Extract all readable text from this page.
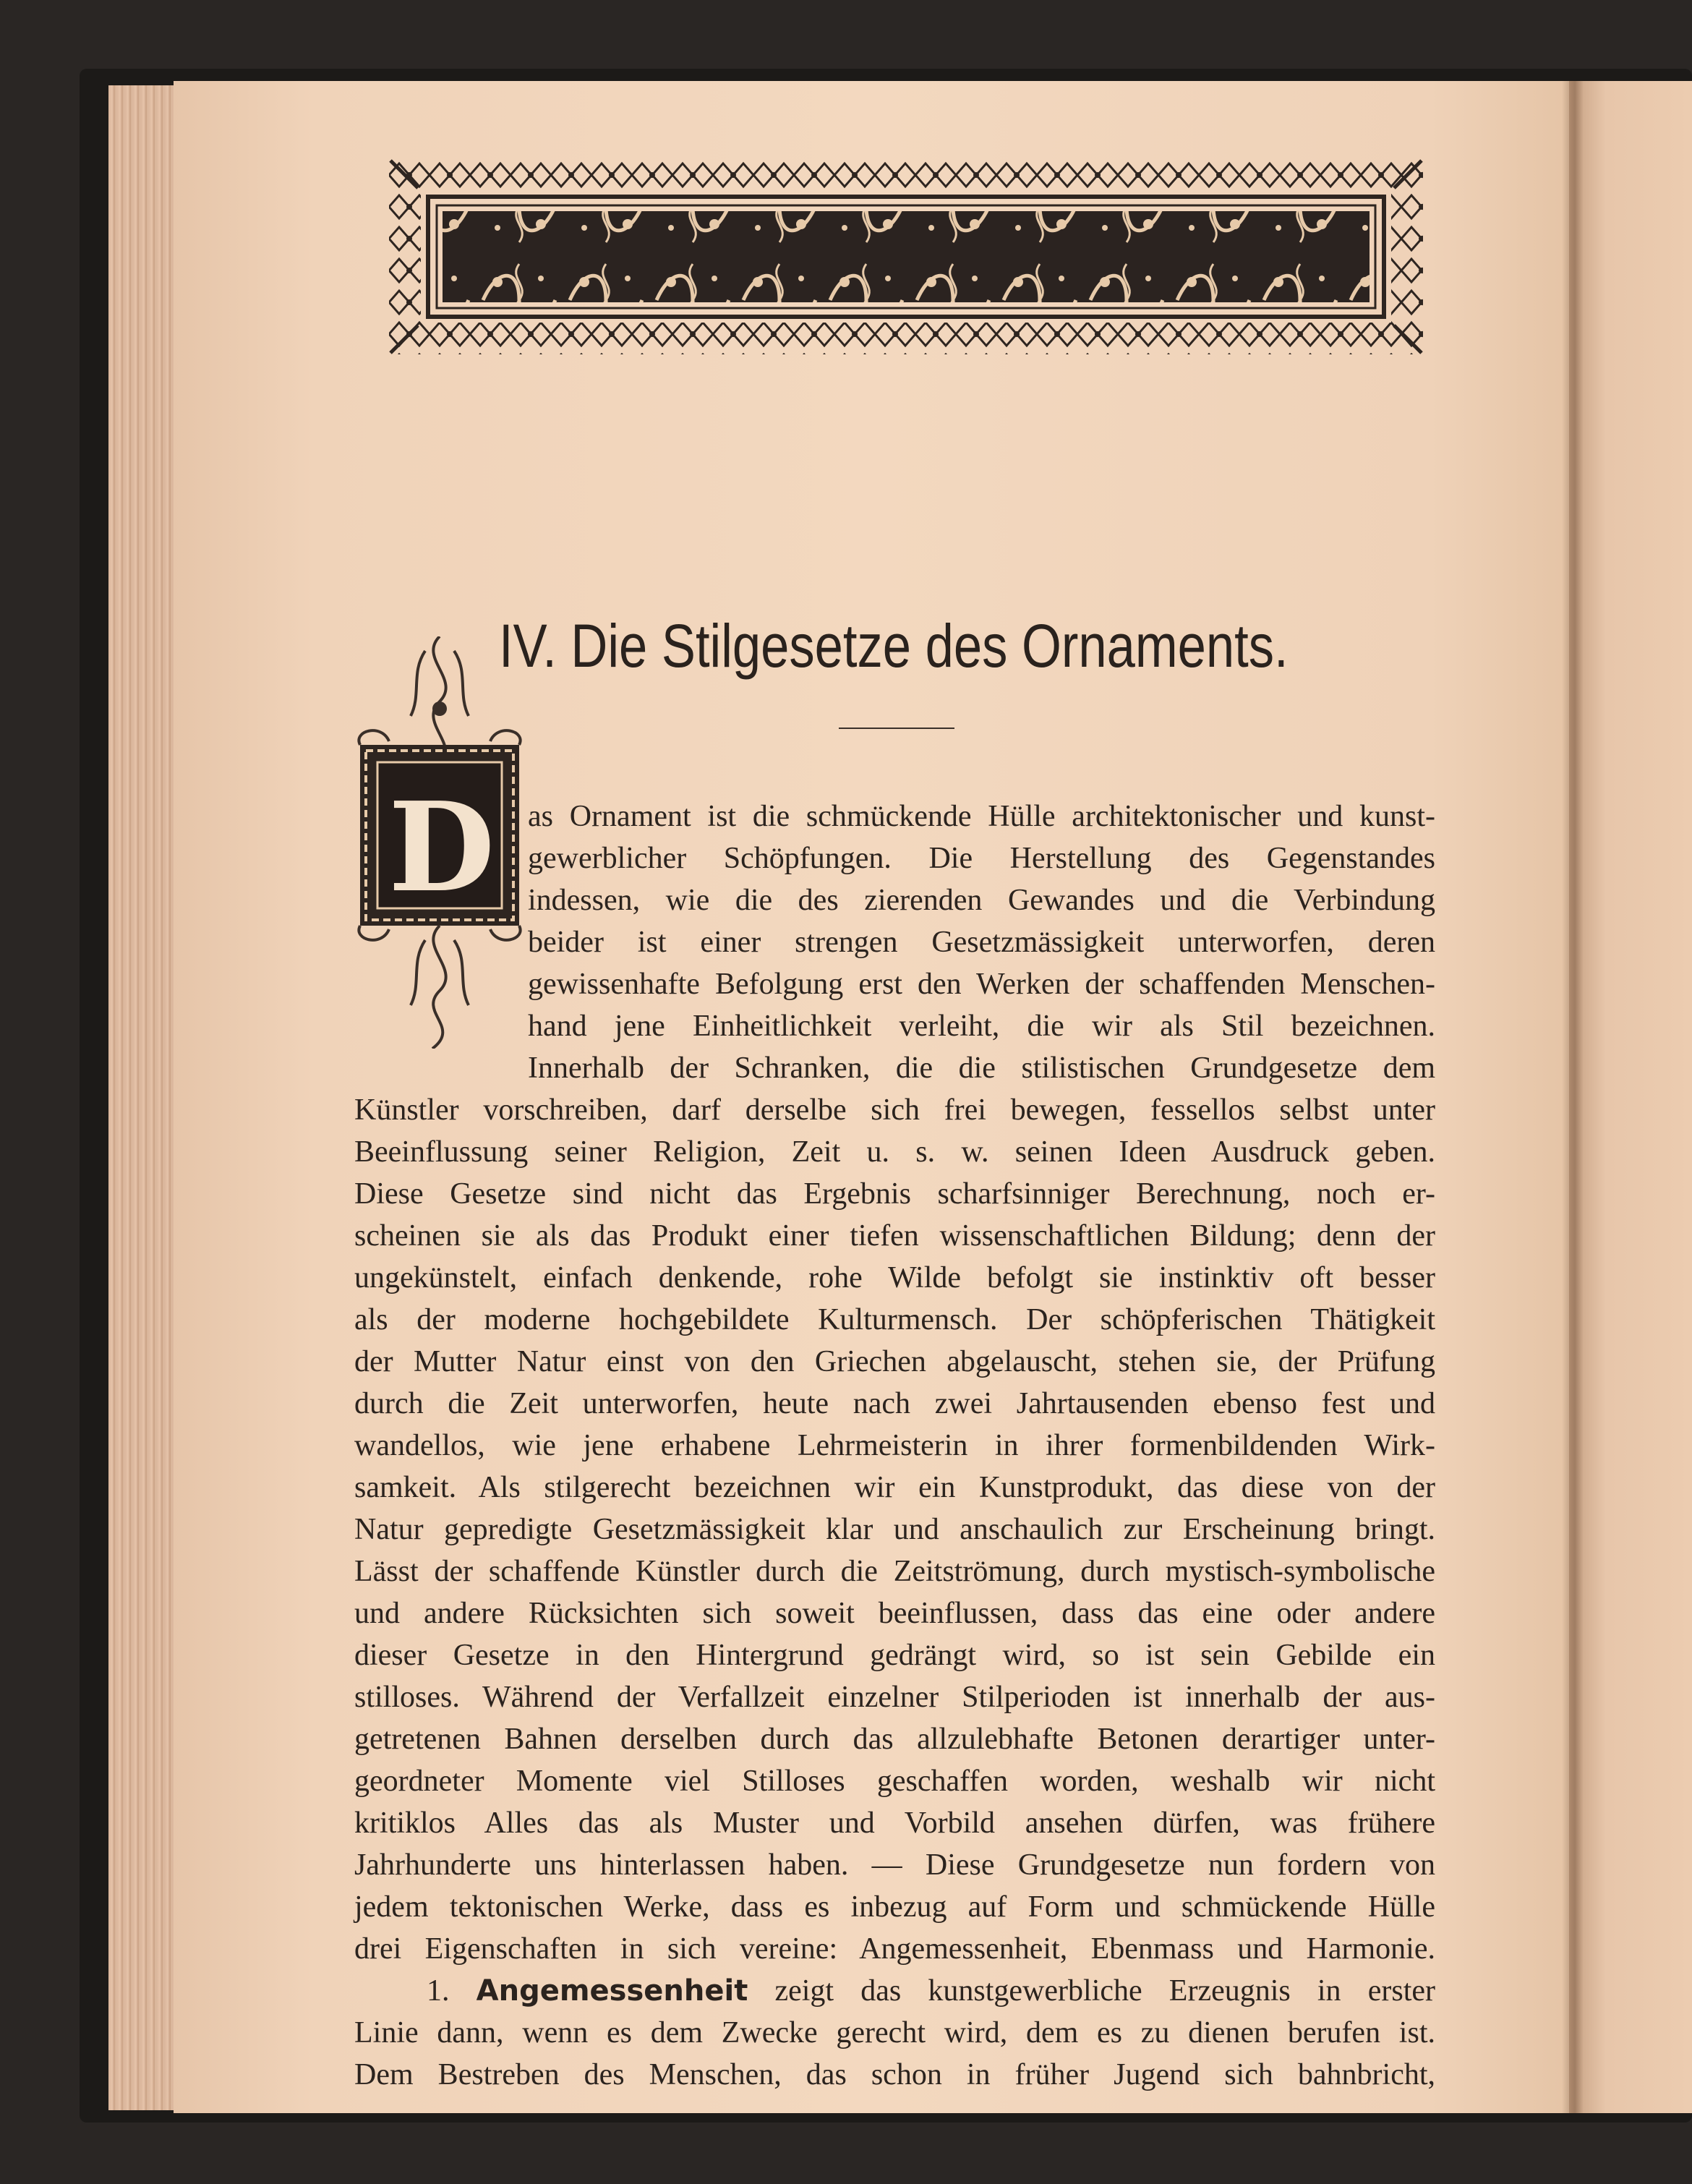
IV. Die Stilgesetze des Ornaments.

D	as Ornament ist die schmückende Hülle architektonischer und kunst-
gewerblicher Schöpfungen. Die Herstellung des Gegenstandes
indessen, wie die des zierenden Gewandes und die Verbindung
beider ist einer strengen Gesetzmässigkeit unterworfen, deren
gewissenhafte Befolgung erst den Werken der schaffenden Menschen-
hand jene Einheitlichkeit verleiht, die wir als Stil bezeichnen.
Innerhalb der Schranken, die die stilistischen Grundgesetze dem
Künstler vorschreiben, darf derselbe sich frei bewegen, fessellos selbst unter
Beeinflussung seiner Religion, Zeit u. s. w. seinen Ideen Ausdruck geben.
Diese Gesetze sind nicht das Ergebnis scharfsinniger Berechnung, noch er-
scheinen sie als das Produkt einer tiefen wissenschaftlichen Bildung; denn der
ungekünstelt, einfach denkende, rohe Wilde befolgt sie instinktiv oft besser
als der moderne hochgebildete Kulturmensch. Der schöpferischen Thätigkeit
der Mutter Natur einst von den Griechen abgelauscht, stehen sie, der Prüfung
durch die Zeit unterworfen, heute nach zwei Jahrtausenden ebenso fest und
wandellos, wie jene erhabene Lehrmeisterin in ihrer formenbildenden Wirk-
samkeit. Als stilgerecht bezeichnen wir ein Kunstprodukt, das diese von der
Natur gepredigte Gesetzmässigkeit klar und anschaulich zur Erscheinung bringt.
Lässt der schaffende Künstler durch die Zeitströmung, durch mystisch-symbolische
und andere Rücksichten sich soweit beeinflussen, dass das eine oder andere
dieser Gesetze in den Hintergrund gedrängt wird, so ist sein Gebilde ein
stilloses. Während der Verfallzeit einzelner Stilperioden ist innerhalb der aus-
getretenen Bahnen derselben durch das allzulebhafte Betonen derartiger unter-
geordneter Momente viel Stilloses geschaffen worden, weshalb wir nicht
kritiklos Alles das als Muster und Vorbild ansehen dürfen, was frühere
Jahrhunderte uns hinterlassen haben. — Diese Grundgesetze nun fordern von
jedem tektonischen Werke, dass es inbezug auf Form und schmückende Hülle
drei Eigenschaften in sich vereine: Angemessenheit, Ebenmass und Harmonie.
1. Angemessenheit zeigt das kunstgewerbliche Erzeugnis in erster
Linie dann, wenn es dem Zwecke gerecht wird, dem es zu dienen berufen ist.
Dem Bestreben des Menschen, das schon in früher Jugend sich bahnbricht,
